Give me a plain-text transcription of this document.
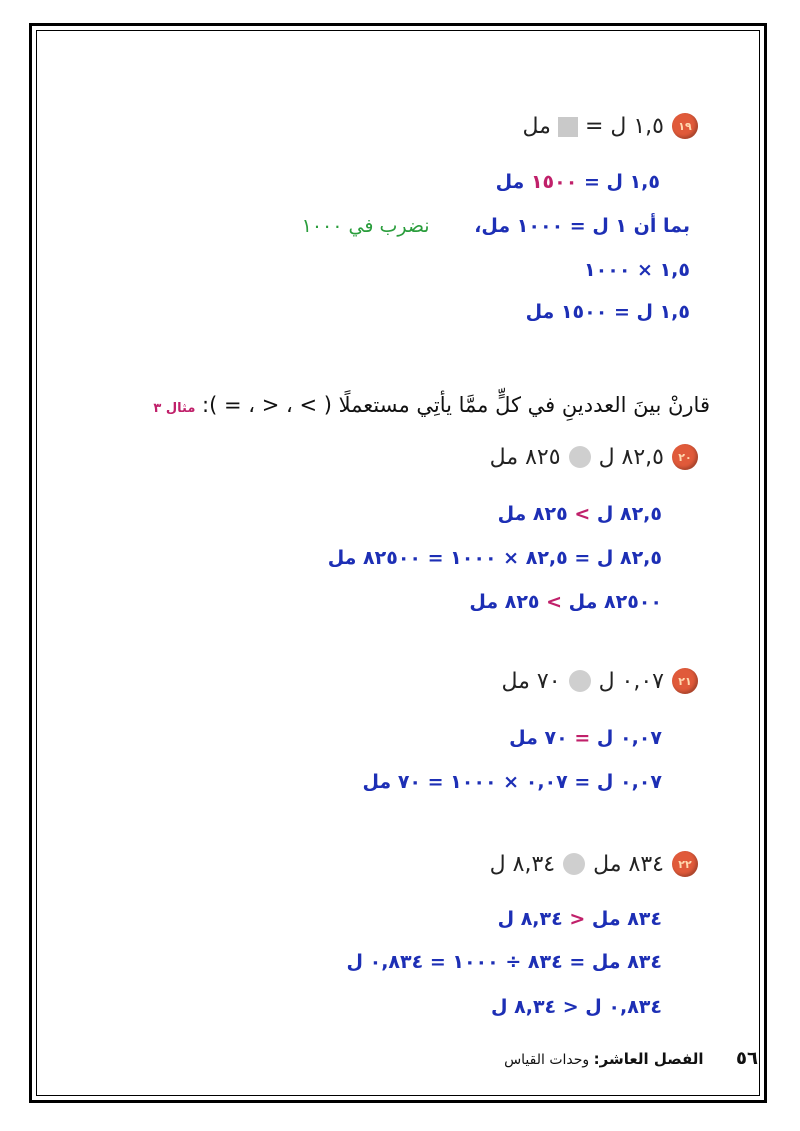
١٩
١,٥ ل =  مل
١,٥ ل = ١٥٠٠ مل
بما أن ١ ل = ١٠٠٠ مل، نضرب في ١٠٠٠
١,٥ × ١٠٠٠
١,٥ ل = ١٥٠٠ مل
قارنْ بينَ العددينِ في كلٍّ ممَّا يأتِي مستعملًا ( > ، < ، = ): مثال ٣
٢٠
٨٢,٥ ل
٨٢٥ مل
٨٢,٥ ل > ٨٢٥ مل
٨٢,٥ ل = ٨٢,٥ × ١٠٠٠ = ٨٢٥٠٠ مل
٨٢٥٠٠ مل > ٨٢٥ مل
٢١
٠,٠٧ ل
٧٠ مل
٠,٠٧ ل = ٧٠ مل
٠,٠٧ ل = ٠,٠٧ × ١٠٠٠ = ٧٠ مل
٢٢
٨٣٤ مل
٨,٣٤ ل
٨٣٤ مل < ٨,٣٤ ل
٨٣٤ مل = ٨٣٤ ÷ ١٠٠٠ = ٠,٨٣٤ ل
٠,٨٣٤ ل < ٨,٣٤ ل
٥٦ الفصل العاشر: وحدات القياس
